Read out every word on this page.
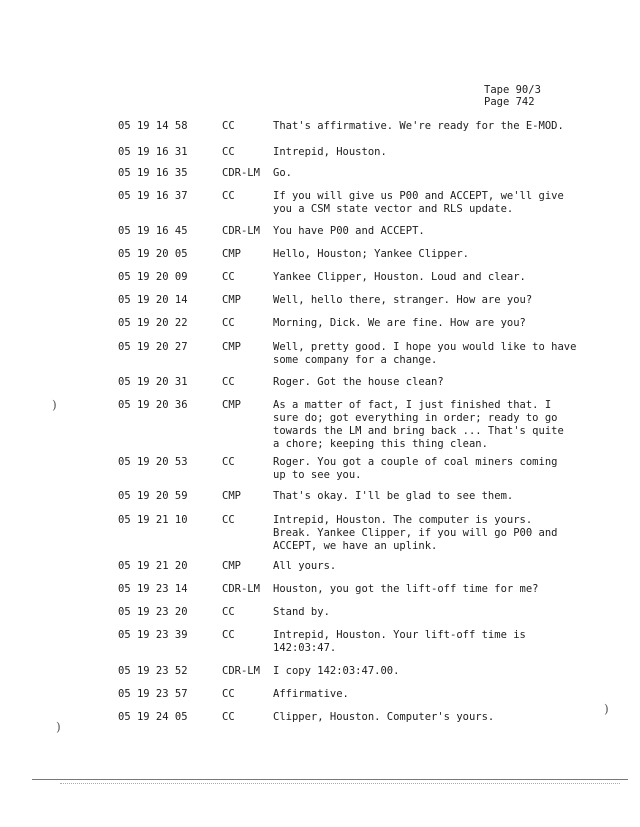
Tape 90/3
Page 742
05 19 14 58	CC	That's affirmative. We're ready for the E-MOD.
05 19 16 31	CC	Intrepid, Houston.
05 19 16 35	CDR-LM Go.
05 19 16 37	CC	If you will give us P00 and ACCEPT, we'll give
you a CSM state vector and RLS update.
05 19 16 45	CDR-LM You have P00 and ACCEPT.
05 19 20 05	CMP	Hello, Houston; Yankee Clipper.
05 19 20 09	CC	Yankee Clipper, Houston. Loud and clear.
05 19 20 14	CMP	Well, hello there, stranger. How are you?
05 19 20 22	CC	Morning, Dick. We are fine. How are you?
05 19 20 27	CMP	Well, pretty good. I hope you would like to have
some company for a change.
05 19 20 31	CC	Roger. Got the house clean?
05 19 20 36	CMP	As a matter of fact, I just finished that. I
sure do; got everything in order; ready to go
towards the LM and bring back ... That's quite
a chore; keeping this thing clean.
05 19 20 53	CC	Roger. You got a couple of coal miners coming
up to see you.
05 19 20 59	CMP	That's okay. I'll be glad to see them.
05 19 21 10	CC	Intrepid, Houston. The computer is yours.
Break. Yankee Clipper, if you will go P00 and
ACCEPT, we have an uplink.
05 19 21 20	CMP	All yours.
05 19 23 14	CDR-LM Houston, you got the lift-off time for me?
05 19 23 20	CC	Stand by.
05 19 23 39	CC	Intrepid, Houston. Your lift-off time is
142:03:47.
05 19 23 52	CDR-LM I copy 142:03:47.00.
05 19 23 57	CC	Affirmative.
05 19 24 05	CC	Clipper, Houston. Computer's yours.
)
)
)
